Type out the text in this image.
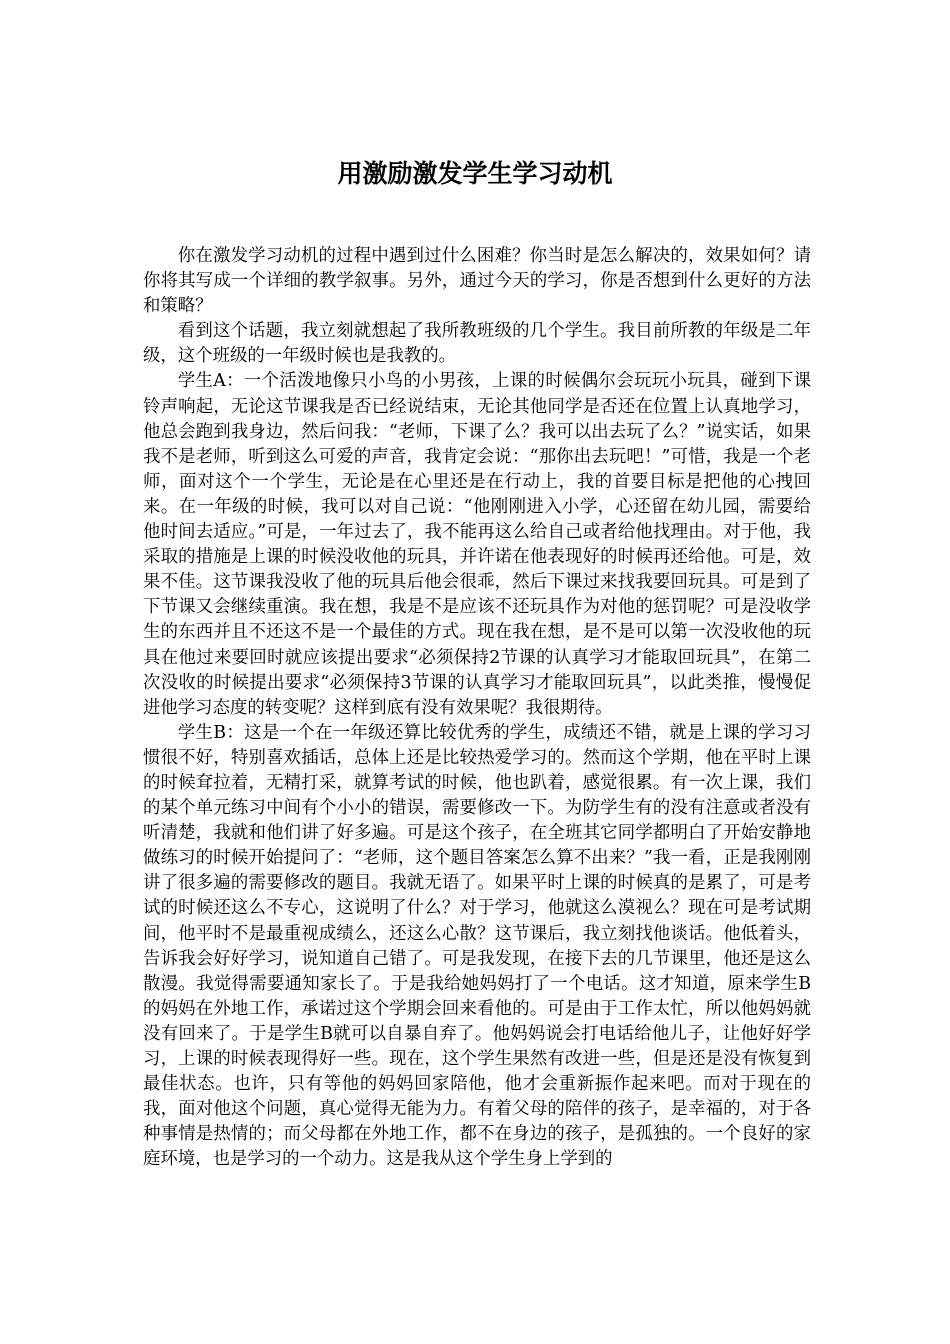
用激励激发学生学习动机

你在激发学习动机的过程中遇到过什么困难？你当时是怎么解决的，效果如何？请你将其写成一个详细的教学叙事。另外，通过今天的学习，你是否想到什么更好的方法和策略？

看到这个话题，我立刻就想起了我所教班级的几个学生。我目前所教的年级是二年级，这个班级的一年级时候也是我教的。

学生A：一个活泼地像只小鸟的小男孩，上课的时候偶尔会玩玩小玩具，碰到下课铃声响起，无论这节课我是否已经说结束，无论其他同学是否还在位置上认真地学习，他总会跑到我身边，然后问我：“老师，下课了么？我可以出去玩了么？”说实话，如果我不是老师，听到这么可爱的声音，我肯定会说：“那你出去玩吧！”可惜，我是一个老师，面对这个一个学生，无论是在心里还是在行动上，我的首要目标是把他的心拽回来。在一年级的时候，我可以对自己说：“他刚刚进入小学，心还留在幼儿园，需要给他时间去适应。”可是，一年过去了，我不能再这么给自己或者给他找理由。对于他，我采取的措施是上课的时候没收他的玩具，并许诺在他表现好的时候再还给他。可是，效果不佳。这节课我没收了他的玩具后他会很乖，然后下课过来找我要回玩具。可是到了下节课又会继续重演。我在想，我是不是应该不还玩具作为对他的惩罚呢？可是没收学生的东西并且不还这不是一个最佳的方式。现在我在想，是不是可以第一次没收他的玩具在他过来要回时就应该提出要求“必须保持2节课的认真学习才能取回玩具”，在第二次没收的时候提出要求“必须保持3节课的认真学习才能取回玩具”，以此类推，慢慢促进他学习态度的转变呢？这样到底有没有效果呢？我很期待。

学生B：这是一个在一年级还算比较优秀的学生，成绩还不错，就是上课的学习习惯很不好，特别喜欢插话，总体上还是比较热爱学习的。然而这个学期，他在平时上课的时候耷拉着，无精打采，就算考试的时候，他也趴着，感觉很累。有一次上课，我们的某个单元练习中间有个小小的错误，需要修改一下。为防学生有的没有注意或者没有听清楚，我就和他们讲了好多遍。可是这个孩子，在全班其它同学都明白了开始安静地做练习的时候开始提问了：“老师，这个题目答案怎么算不出来？”我一看，正是我刚刚讲了很多遍的需要修改的题目。我就无语了。如果平时上课的时候真的是累了，可是考试的时候还这么不专心，这说明了什么？对于学习，他就这么漠视么？现在可是考试期间，他平时不是最重视成绩么，还这么心散？这节课后，我立刻找他谈话。他低着头，告诉我会好好学习，说知道自己错了。可是我发现，在接下去的几节课里，他还是这么散漫。我觉得需要通知家长了。于是我给她妈妈打了一个电话。这才知道，原来学生B的妈妈在外地工作，承诺过这个学期会回来看他的。可是由于工作太忙，所以他妈妈就没有回来了。于是学生B就可以自暴自弃了。他妈妈说会打电话给他儿子，让他好好学习，上课的时候表现得好一些。现在，这个学生果然有改进一些，但是还是没有恢复到最佳状态。也许，只有等他的妈妈回家陪他，他才会重新振作起来吧。而对于现在的我，面对他这个问题，真心觉得无能为力。有着父母的陪伴的孩子，是幸福的，对于各种事情是热情的；而父母都在外地工作，都不在身边的孩子，是孤独的。一个良好的家庭环境，也是学习的一个动力。这是我从这个学生身上学到的
